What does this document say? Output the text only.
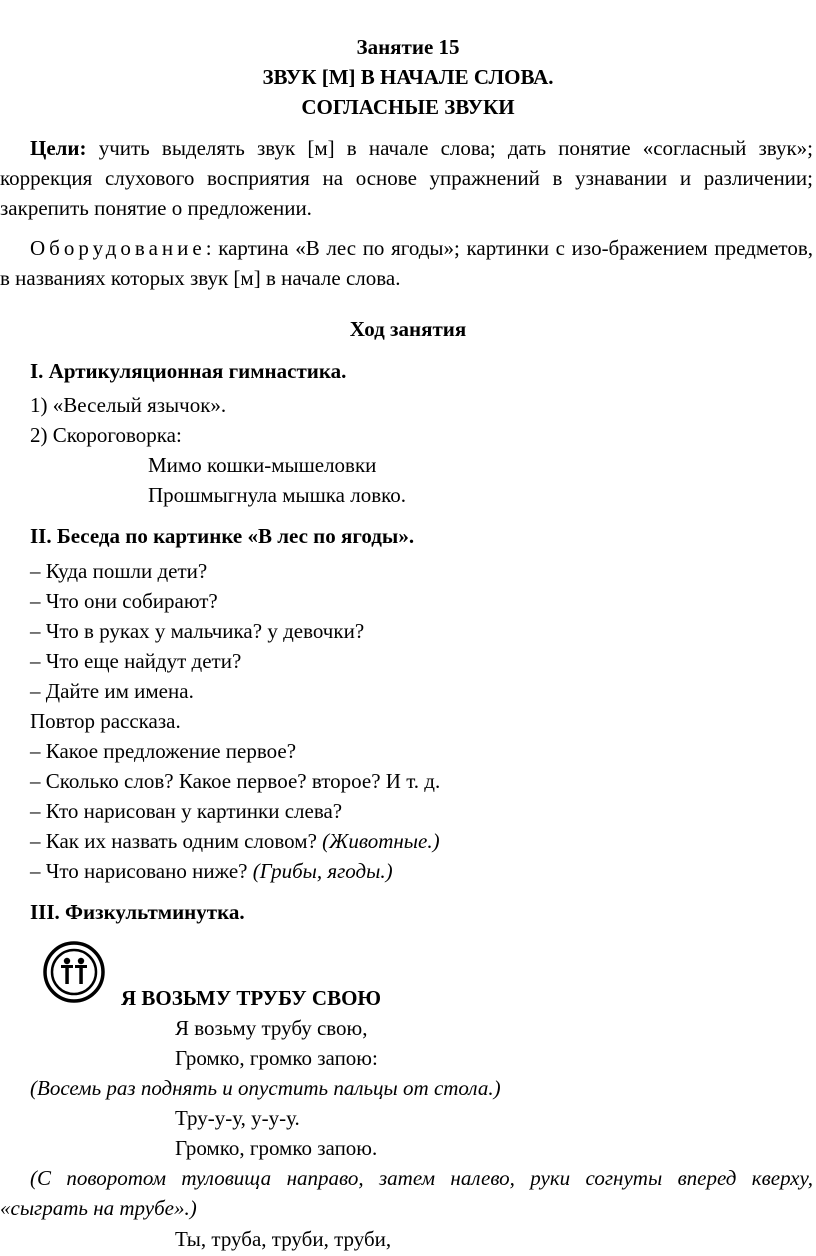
Занятие 15
ЗВУК [М] В НАЧАЛЕ СЛОВА.
СОГЛАСНЫЕ ЗВУКИ

Цели: учить выделять звук [м] в начале слова; дать понятие «согласный звук»; коррекция слухового восприятия на основе упражнений в узнавании и различении; закрепить понятие о предложении.

Оборудование: картина «В лес по ягоды»; картинки с изо-бражением предметов, в названиях которых звук [м] в начале слова.

Ход занятия
I. Артикуляционная гимнастика.
1) «Веселый язычок».
2) Скороговорка:
Мимо кошки-мышеловки
Прошмыгнула мышка ловко.
II. Беседа по картинке «В лес по ягоды».
– Куда пошли дети?
– Что они собирают?
– Что в руках у мальчика? у девочки?
– Что еще найдут дети?
– Дайте им имена.
Повтор рассказа.
– Какое предложение первое?
– Сколько слов? Какое первое? второе? И т. д.
– Кто нарисован у картинки слева?
– Как их назвать одним словом? (Животные.)
– Что нарисовано ниже? (Грибы, ягоды.)
III. Физкультминутка.
Я ВОЗЬМУ ТРУБУ СВОЮ
Я возьму трубу свою,
Громко, громко запою:
(Восемь раз поднять и опустить пальцы от стола.)
Тру-у-у, у-у-у.
Громко, громко запою.

(С поворотом туловища направо, затем налево, руки согнуты вперед кверху, «сыграть на трубе».)

Ты, труба, труби, труби,
